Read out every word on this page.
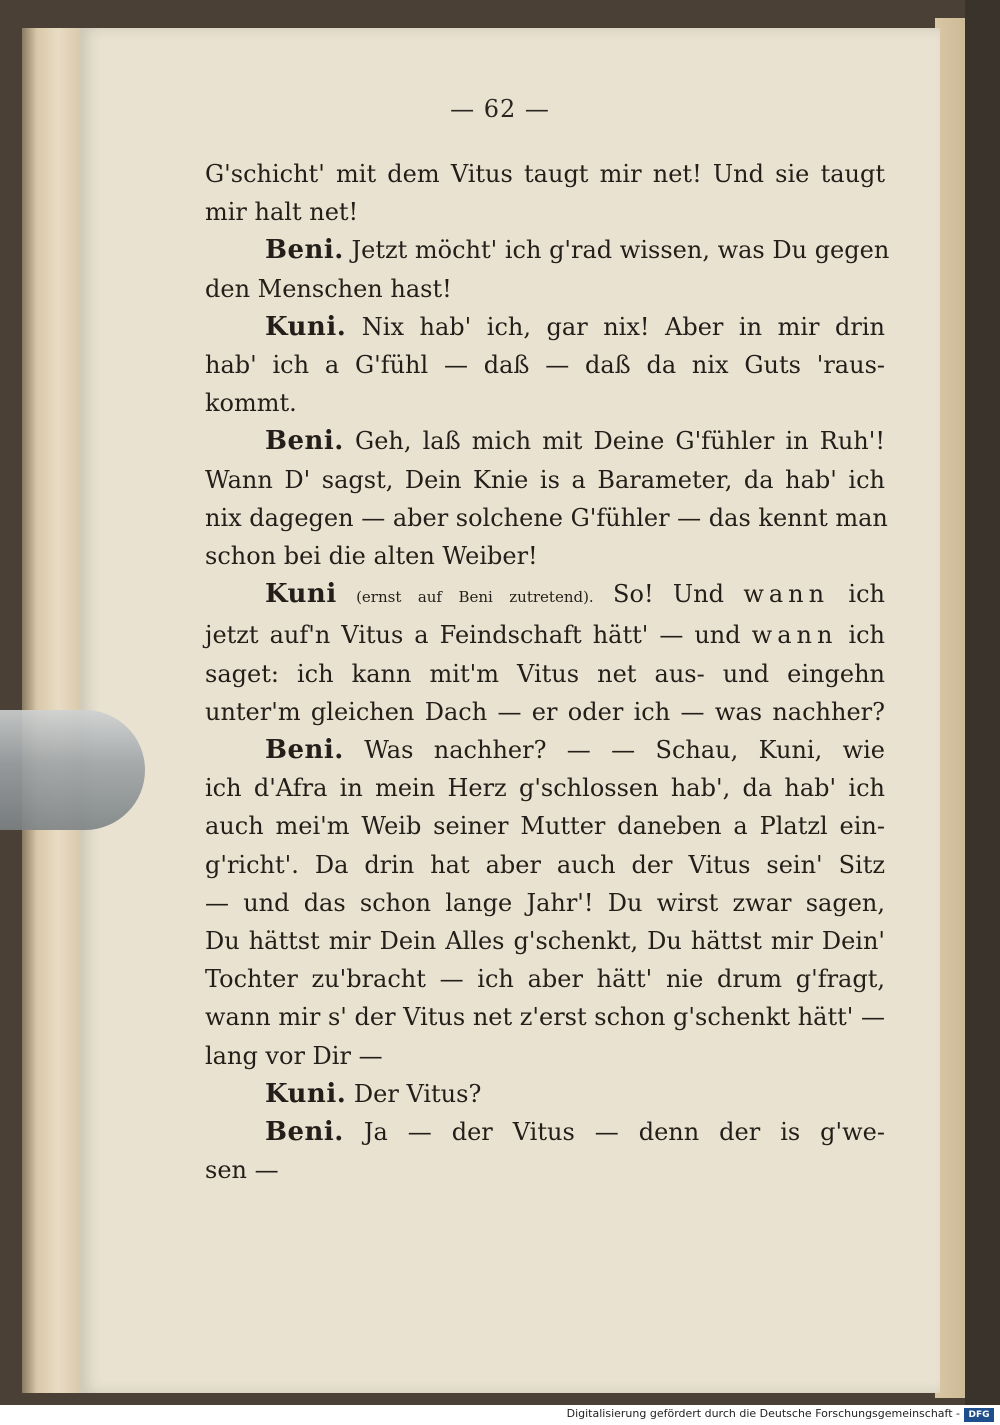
— 62 —
G'schicht' mit dem Vitus taugt mir net! Und sie taugt
mir halt net!
Beni. Jetzt möcht' ich g'rad wissen, was Du gegen
den Menschen hast!
Kuni. Nix hab' ich, gar nix! Aber in mir drin
hab' ich a G'fühl — daß — daß da nix Guts 'raus-
kommt.
Beni. Geh, laß mich mit Deine G'fühler in Ruh'!
Wann D' sagst, Dein Knie is a Barameter, da hab' ich
nix dagegen — aber solchene G'fühler — das kennt man
schon bei die alten Weiber!
Kuni (ernst auf Beni zutretend). So! Und wann ich
jetzt auf'n Vitus a Feindschaft hätt' — und wann ich
saget: ich kann mit'm Vitus net aus- und eingehn
unter'm gleichen Dach — er oder ich — was nachher?
Beni. Was nachher? — — Schau, Kuni, wie
ich d'Afra in mein Herz g'schlossen hab', da hab' ich
auch mei'm Weib seiner Mutter daneben a Platzl ein-
g'richt'. Da drin hat aber auch der Vitus sein' Sitz
— und das schon lange Jahr'! Du wirst zwar sagen,
Du hättst mir Dein Alles g'schenkt, Du hättst mir Dein'
Tochter zu'bracht — ich aber hätt' nie drum g'fragt,
wann mir s' der Vitus net z'erst schon g'schenkt hätt' —
lang vor Dir —
Kuni. Der Vitus?
Beni. Ja — der Vitus — denn der is g'we-
sen —
Digitalisierung gefördert durch die Deutsche Forschungsgemeinschaft - DFG
